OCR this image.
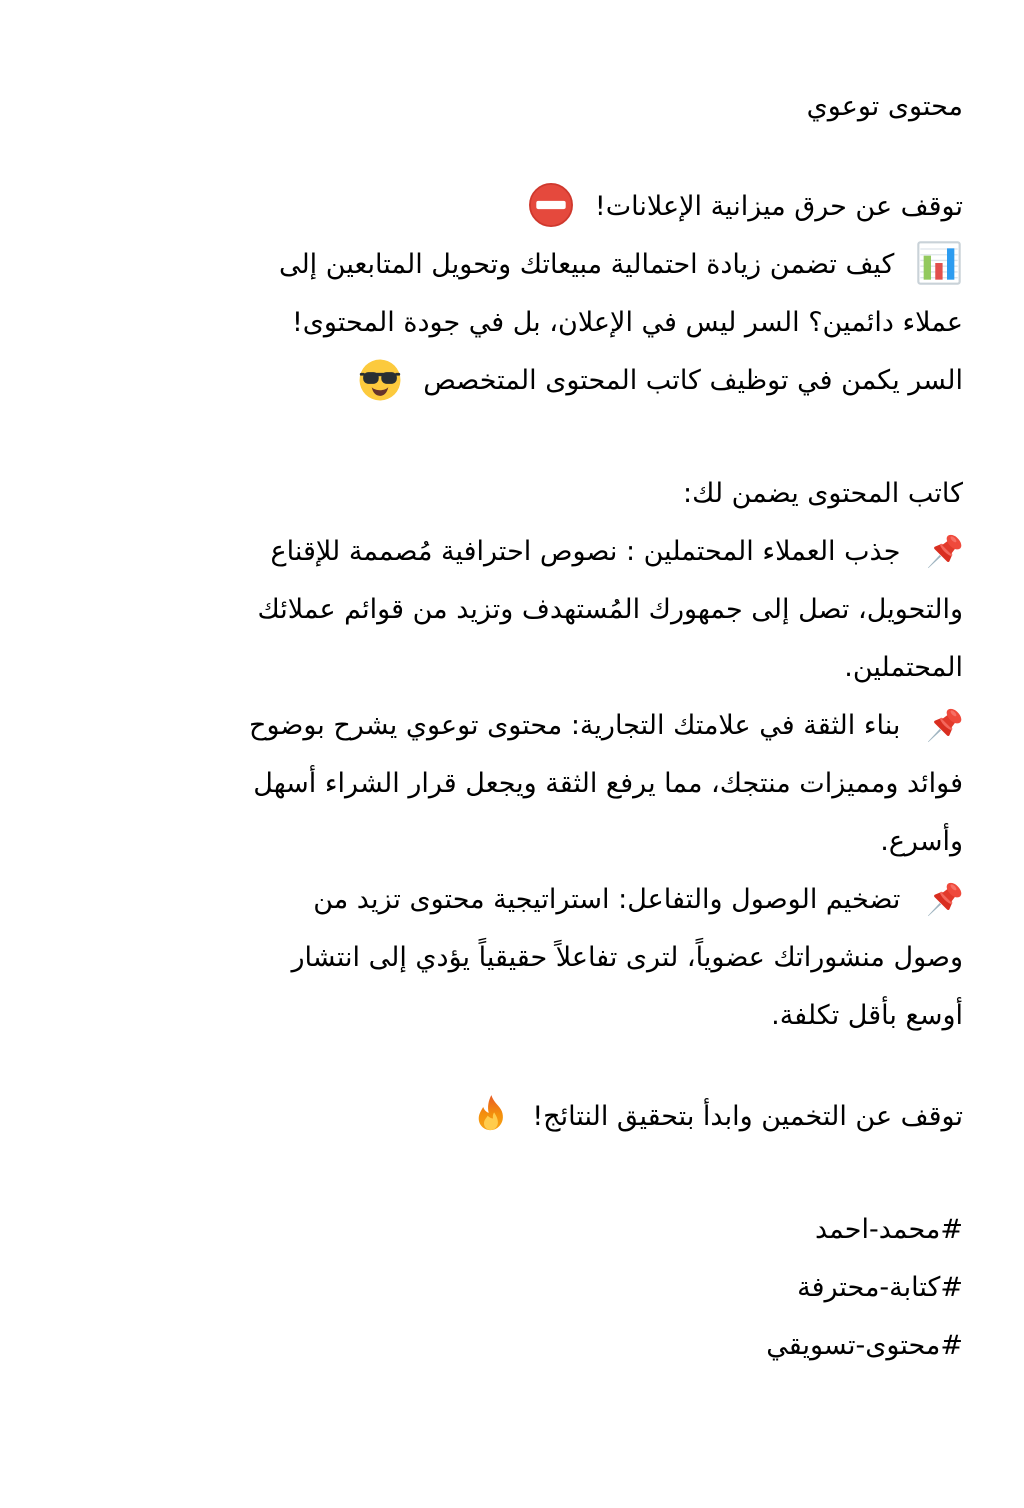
محتوى توعوي
توقف عن حرق ميزانية الإعلانات!
كيف تضمن زيادة احتمالية مبيعاتك وتحويل المتابعين إلى
عملاء دائمين؟ السر ليس في الإعلان، بل في جودة المحتوى!
السر يكمن في توظيف كاتب المحتوى المتخصص
كاتب المحتوى يضمن لك:
جذب العملاء المحتملين : نصوص احترافية مُصممة للإقناع
والتحويل، تصل إلى جمهورك المُستهدف وتزيد من قوائم عملائك
المحتملين.
بناء الثقة في علامتك التجارية: محتوى توعوي يشرح بوضوح
فوائد ومميزات منتجك، مما يرفع الثقة ويجعل قرار الشراء أسهل
وأسرع.
تضخيم الوصول والتفاعل: استراتيجية محتوى تزيد من
وصول منشوراتك عضوياً، لترى تفاعلاً حقيقياً يؤدي إلى انتشار
أوسع بأقل تكلفة.
توقف عن التخمين وابدأ بتحقيق النتائج!
#محمد-احمد
#كتابة-محترفة
#محتوى-تسويقي
